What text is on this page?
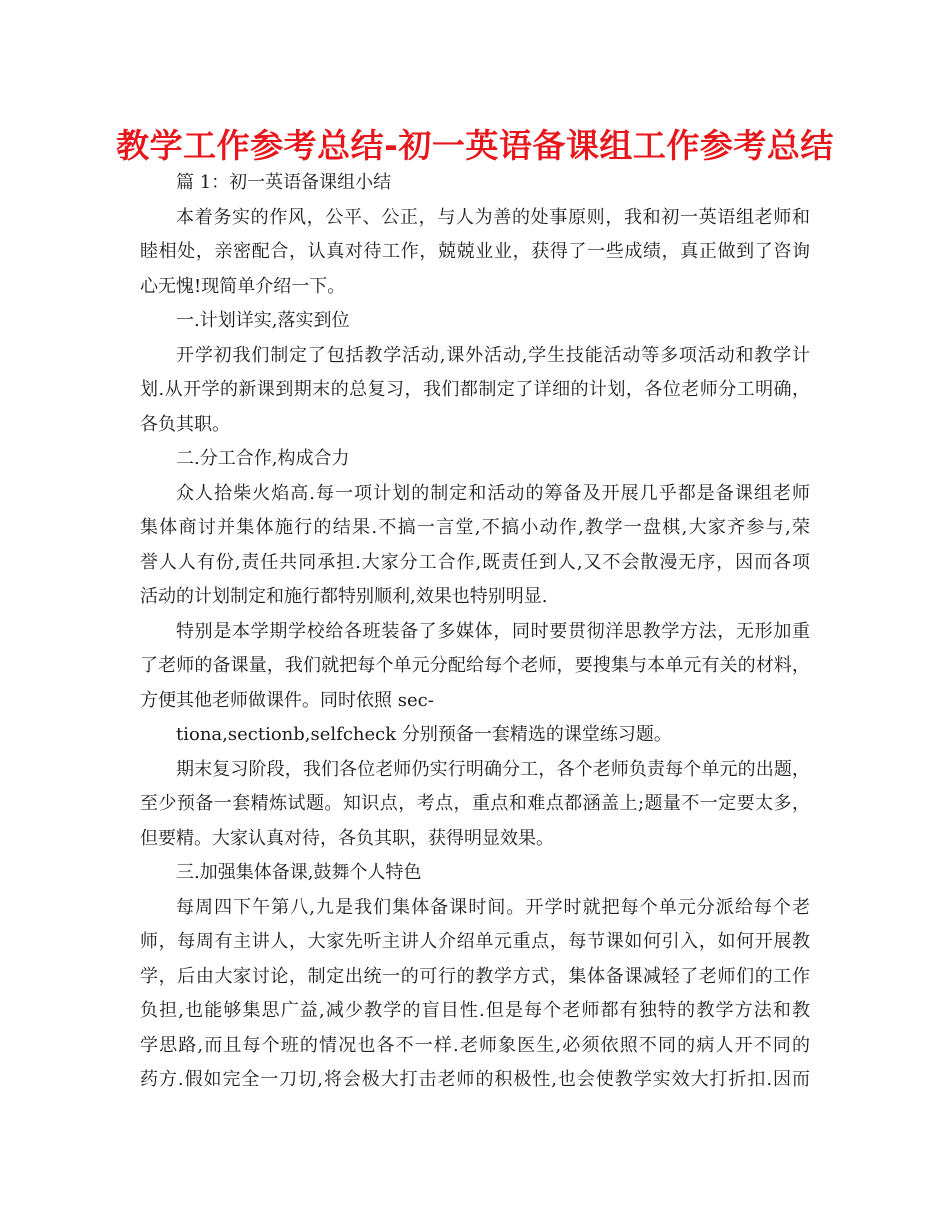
教学工作参考总结-初一英语备课组工作参考总结
篇 1：初一英语备课组小结
本着务实的作风，公平、公正，与人为善的处事原则，我和初一英语组老师和
睦相处，亲密配合，认真对待工作，兢兢业业，获得了一些成绩，真正做到了咨询
心无愧!现简单介绍一下。
一.计划详实,落实到位
开学初我们制定了包括教学活动,课外活动,学生技能活动等多项活动和教学计
划.从开学的新课到期末的总复习，我们都制定了详细的计划，各位老师分工明确，
各负其职。
二.分工合作,构成合力
众人拾柴火焰高.每一项计划的制定和活动的筹备及开展几乎都是备课组老师
集体商讨并集体施行的结果.不搞一言堂,不搞小动作,教学一盘棋,大家齐参与,荣
誉人人有份,责任共同承担.大家分工合作,既责任到人,又不会散漫无序，因而各项
活动的计划制定和施行都特别顺利,效果也特别明显.
特别是本学期学校给各班装备了多媒体，同时要贯彻洋思教学方法，无形加重
了老师的备课量，我们就把每个单元分配给每个老师，要搜集与本单元有关的材料，
方便其他老师做课件。同时依照 sec-
tiona,sectionb,selfcheck 分别预备一套精选的课堂练习题。
期末复习阶段，我们各位老师仍实行明确分工，各个老师负责每个单元的出题，
至少预备一套精炼试题。知识点，考点，重点和难点都涵盖上;题量不一定要太多，
但要精。大家认真对待，各负其职，获得明显效果。
三.加强集体备课,鼓舞个人特色
每周四下午第八,九是我们集体备课时间。开学时就把每个单元分派给每个老
师，每周有主讲人，大家先听主讲人介绍单元重点，每节课如何引入，如何开展教
学，后由大家讨论，制定出统一的可行的教学方式，集体备课减轻了老师们的工作
负担,也能够集思广益,减少教学的盲目性.但是每个老师都有独特的教学方法和教
学思路,而且每个班的情况也各不一样.老师象医生,必须依照不同的病人开不同的
药方.假如完全一刀切,将会极大打击老师的积极性,也会使教学实效大打折扣.因而
